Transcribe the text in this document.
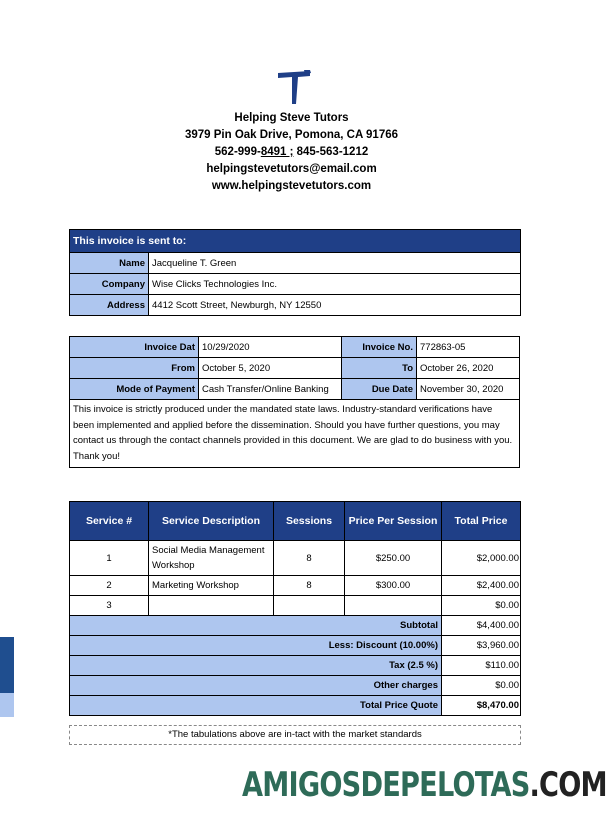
Helping Steve Tutors
3979 Pin Oak Drive, Pomona, CA 91766
562-999-8491 ; 845-563-1212
helpingstevetutors@email.com
www.helpingstevetutors.com
This invoice is sent to:	
Name	Jacqueline T. Green
Company	Wise Clicks Technologies Inc.
Address	4412 Scott Street, Newburgh, NY 12550
Invoice Dat	10/29/2020	Invoice No.	772863-05
From	October 5, 2020	To	October 26, 2020
Mode of Payment	Cash Transfer/Online Banking	Due Date	November 30, 2020
This invoice is strictly produced under the mandated state laws. Industry-standard verifications have been implemented and applied before the dissemination. Should you have further questions, you may contact us through the contact channels provided in this document. We are glad to do business with you. Thank you!			
Service #	Service Description	Sessions	Price Per Session	Total Price
1	Social Media Management Workshop	8	$250.00	$2,000.00
2	Marketing Workshop	8	$300.00	$2,400.00
3				$0.00
Subtotal				$4,400.00
Less: Discount (10.00%)				$3,960.00
Tax (2.5 %)				$110.00
Other charges				$0.00
Total Price Quote				$8,470.00
*The tabulations above are in-tact with the market standards
AMIGOSDEPELOTAS.COM
